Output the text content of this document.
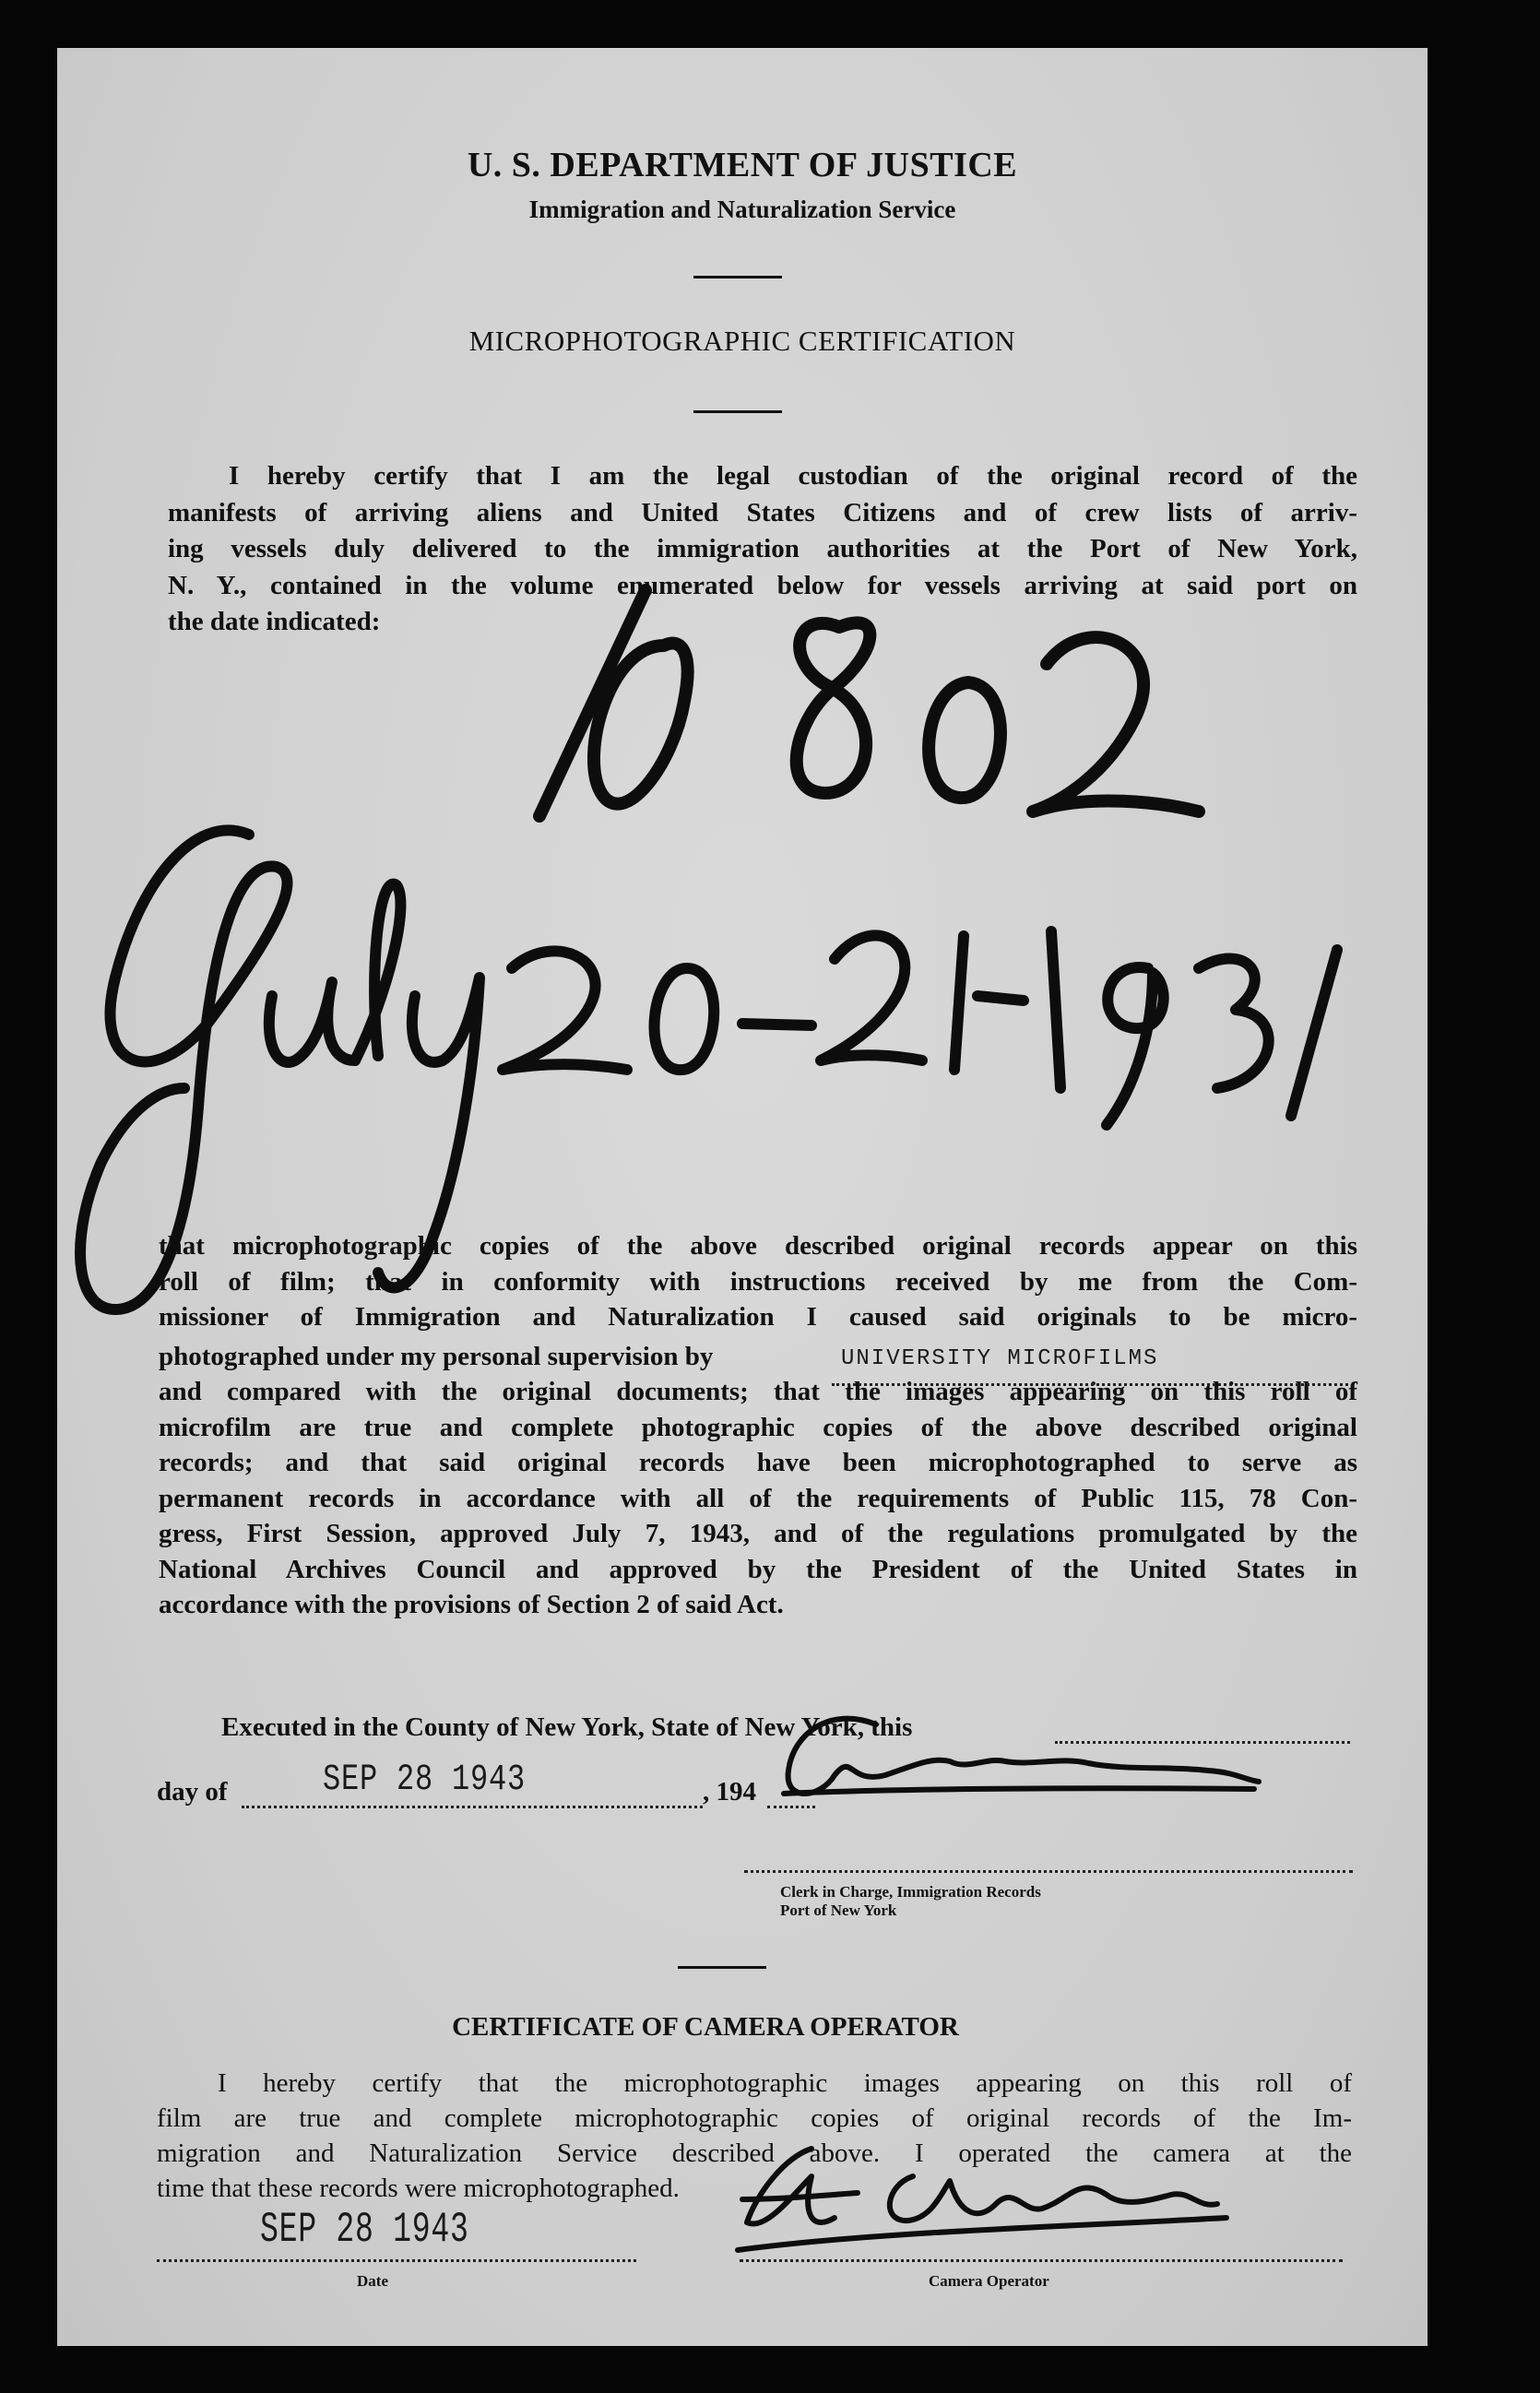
U. S. DEPARTMENT OF JUSTICE
Immigration and Naturalization Service
MICROPHOTOGRAPHIC CERTIFICATION
I hereby certify that I am the legal custodian of the original record of the
manifests of arriving aliens and United States Citizens and of crew lists of arriv-
ing vessels duly delivered to the immigration authorities at the Port of New York,
N. Y., contained in the volume enumerated below for vessels arriving at said port on
the date indicated:
that microphotographic copies of the above described original records appear on this
roll of film; that in conformity with instructions received by me from the Com-
missioner of Immigration and Naturalization I caused said originals to be micro-
photographed under my personal supervision by
and compared with the original documents; that the images appearing on this roll of
microfilm are true and complete photographic copies of the above described original
records; and that said original records have been microphotographed to serve as
permanent records in accordance with all of the requirements of Public 115, 78 Con-
gress, First Session, approved July 7, 1943, and of the regulations promulgated by the
National Archives Council and approved by the President of the United States in
accordance with the provisions of Section 2 of said Act.
UNIVERSITY MICROFILMS
Executed in the County of New York, State of New York, this
day of	SEP 28 1943	, 194
Clerk in Charge, Immigration Records
Port of New York
CERTIFICATE OF CAMERA OPERATOR
I hereby certify that the microphotographic images appearing on this roll of
film are true and complete microphotographic copies of original records of the Im-
migration and Naturalization Service described above. I operated the camera at the
time that these records were microphotographed.
SEP 28 1943
Date	Camera Operator
